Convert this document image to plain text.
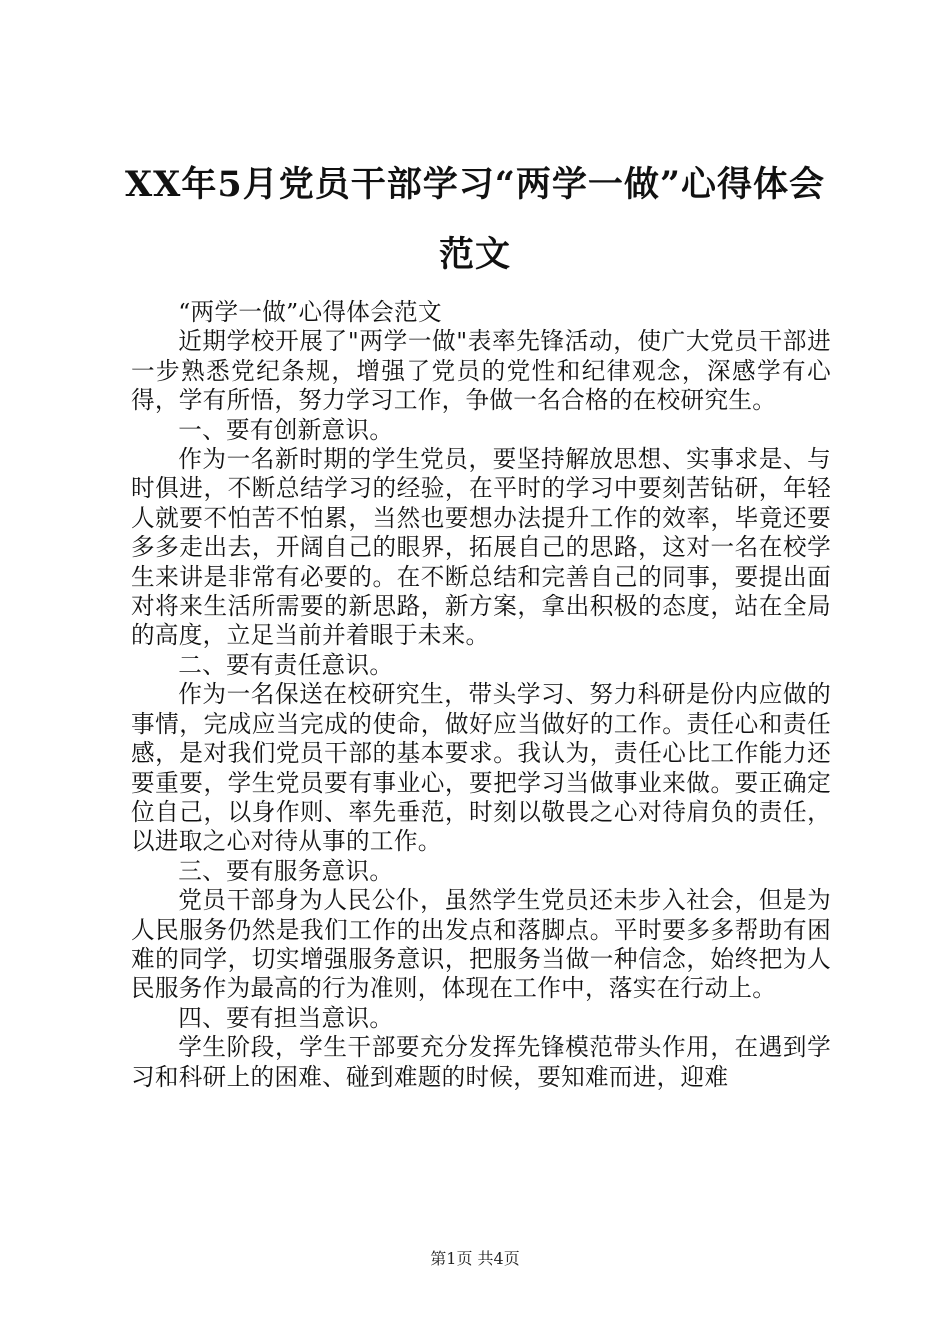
XX年5月党员干部学习“两学一做”心得体会范文

“两学一做”心得体会范文

近期学校开展了"两学一做"表率先锋活动，使广大党员干部进一步熟悉党纪条规，增强了党员的党性和纪律观念，深感学有心得，学有所悟，努力学习工作，争做一名合格的在校研究生。

一、要有创新意识。

作为一名新时期的学生党员，要坚持解放思想、实事求是、与时俱进，不断总结学习的经验，在平时的学习中要刻苦钻研，年轻人就要不怕苦不怕累，当然也要想办法提升工作的效率，毕竟还要多多走出去，开阔自己的眼界，拓展自己的思路，这对一名在校学生来讲是非常有必要的。在不断总结和完善自己的同事，要提出面对将来生活所需要的新思路，新方案，拿出积极的态度，站在全局的高度，立足当前并着眼于未来。

二、要有责任意识。

作为一名保送在校研究生，带头学习、努力科研是份内应做的事情，完成应当完成的使命，做好应当做好的工作。责任心和责任感，是对我们党员干部的基本要求。我认为，责任心比工作能力还要重要，学生党员要有事业心，要把学习当做事业来做。要正确定位自己，以身作则、率先垂范，时刻以敬畏之心对待肩负的责任，以进取之心对待从事的工作。

三、要有服务意识。

党员干部身为人民公仆，虽然学生党员还未步入社会，但是为人民服务仍然是我们工作的出发点和落脚点。平时要多多帮助有困难的同学，切实增强服务意识，把服务当做一种信念，始终把为人民服务作为最高的行为准则，体现在工作中，落实在行动上。

四、要有担当意识。

学生阶段，学生干部要充分发挥先锋模范带头作用，在遇到学习和科研上的困难、碰到难题的时候，要知难而进，迎难

第1页 共4页
